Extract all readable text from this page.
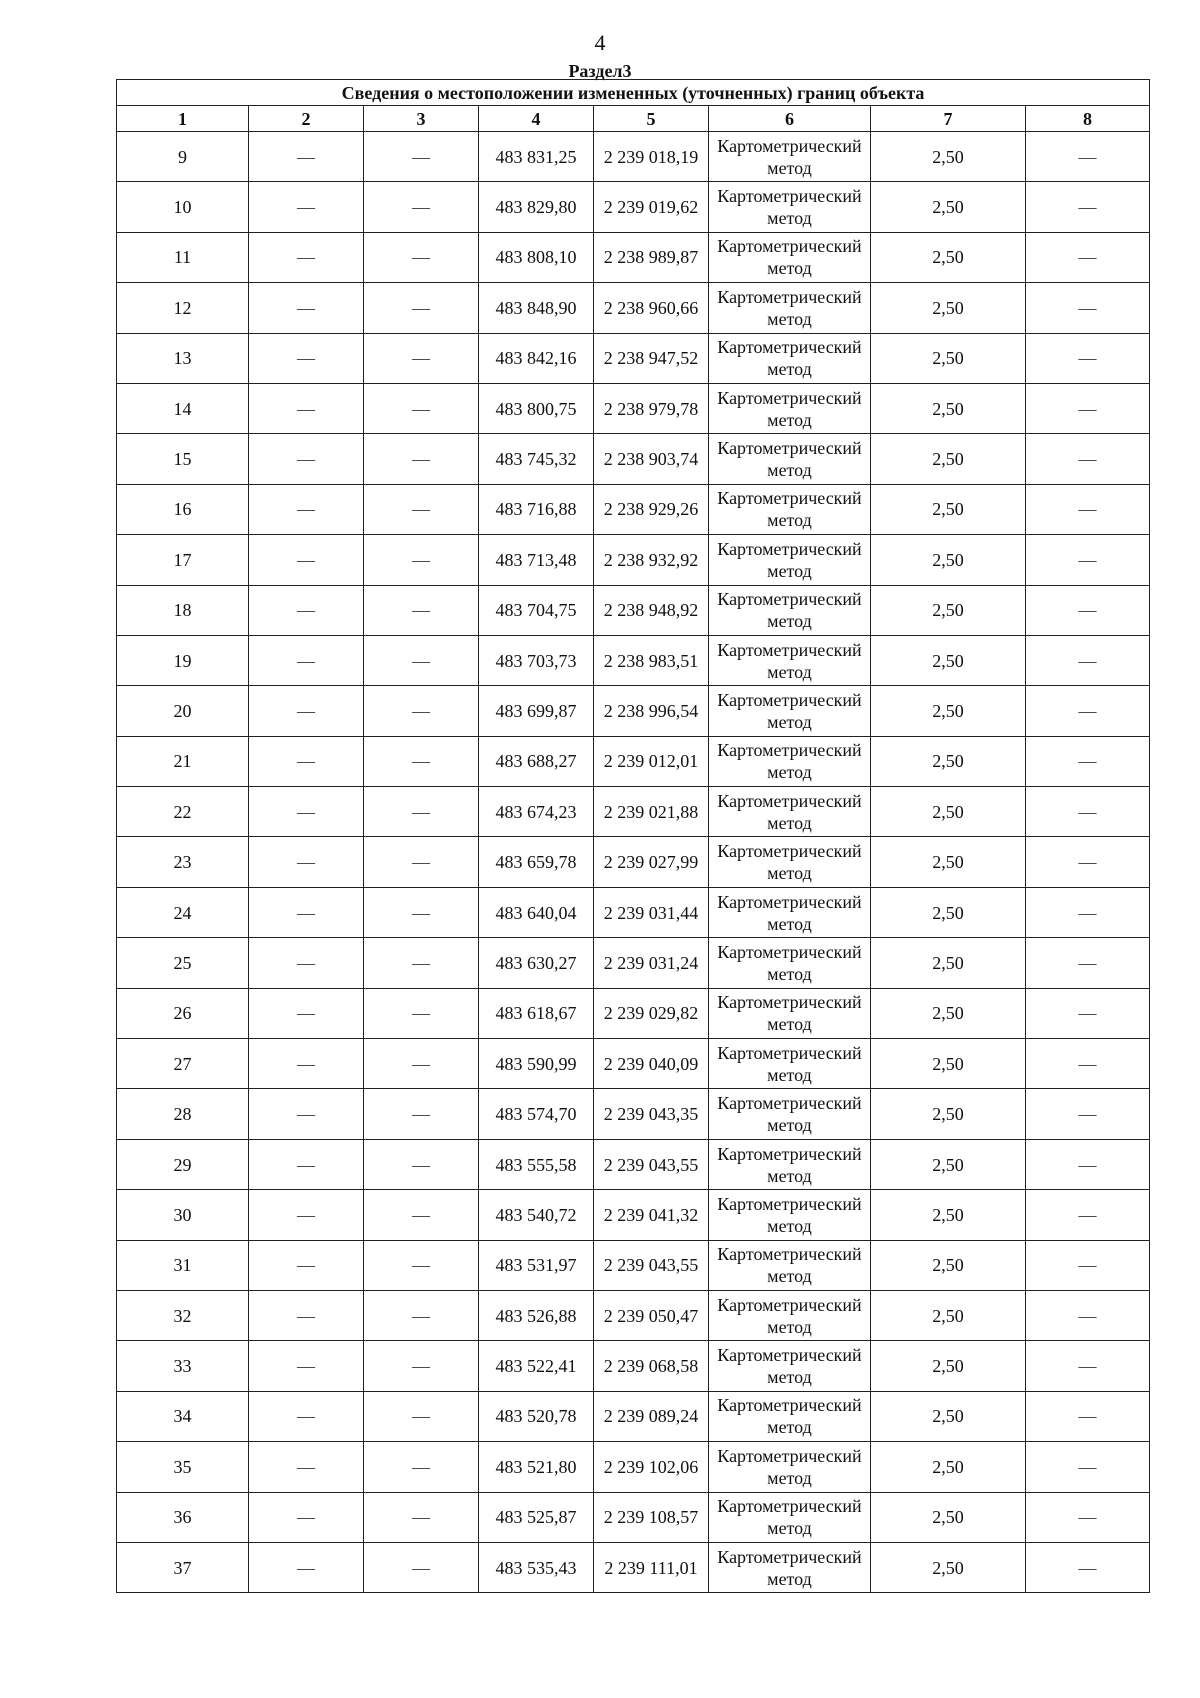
4
Раздел3
Сведения о местоположении измененных (уточненных) границ объекта							
1	2	3	4	5	6	7	8
9	—	—	483 831,25	2 239 018,19	Картометрический метод	2,50	—
10	—	—	483 829,80	2 239 019,62	Картометрический метод	2,50	—
11	—	—	483 808,10	2 238 989,87	Картометрический метод	2,50	—
12	—	—	483 848,90	2 238 960,66	Картометрический метод	2,50	—
13	—	—	483 842,16	2 238 947,52	Картометрический метод	2,50	—
14	—	—	483 800,75	2 238 979,78	Картометрический метод	2,50	—
15	—	—	483 745,32	2 238 903,74	Картометрический метод	2,50	—
16	—	—	483 716,88	2 238 929,26	Картометрический метод	2,50	—
17	—	—	483 713,48	2 238 932,92	Картометрический метод	2,50	—
18	—	—	483 704,75	2 238 948,92	Картометрический метод	2,50	—
19	—	—	483 703,73	2 238 983,51	Картометрический метод	2,50	—
20	—	—	483 699,87	2 238 996,54	Картометрический метод	2,50	—
21	—	—	483 688,27	2 239 012,01	Картометрический метод	2,50	—
22	—	—	483 674,23	2 239 021,88	Картометрический метод	2,50	—
23	—	—	483 659,78	2 239 027,99	Картометрический метод	2,50	—
24	—	—	483 640,04	2 239 031,44	Картометрический метод	2,50	—
25	—	—	483 630,27	2 239 031,24	Картометрический метод	2,50	—
26	—	—	483 618,67	2 239 029,82	Картометрический метод	2,50	—
27	—	—	483 590,99	2 239 040,09	Картометрический метод	2,50	—
28	—	—	483 574,70	2 239 043,35	Картометрический метод	2,50	—
29	—	—	483 555,58	2 239 043,55	Картометрический метод	2,50	—
30	—	—	483 540,72	2 239 041,32	Картометрический метод	2,50	—
31	—	—	483 531,97	2 239 043,55	Картометрический метод	2,50	—
32	—	—	483 526,88	2 239 050,47	Картометрический метод	2,50	—
33	—	—	483 522,41	2 239 068,58	Картометрический метод	2,50	—
34	—	—	483 520,78	2 239 089,24	Картометрический метод	2,50	—
35	—	—	483 521,80	2 239 102,06	Картометрический метод	2,50	—
36	—	—	483 525,87	2 239 108,57	Картометрический метод	2,50	—
37	—	—	483 535,43	2 239 111,01	Картометрический метод	2,50	—
